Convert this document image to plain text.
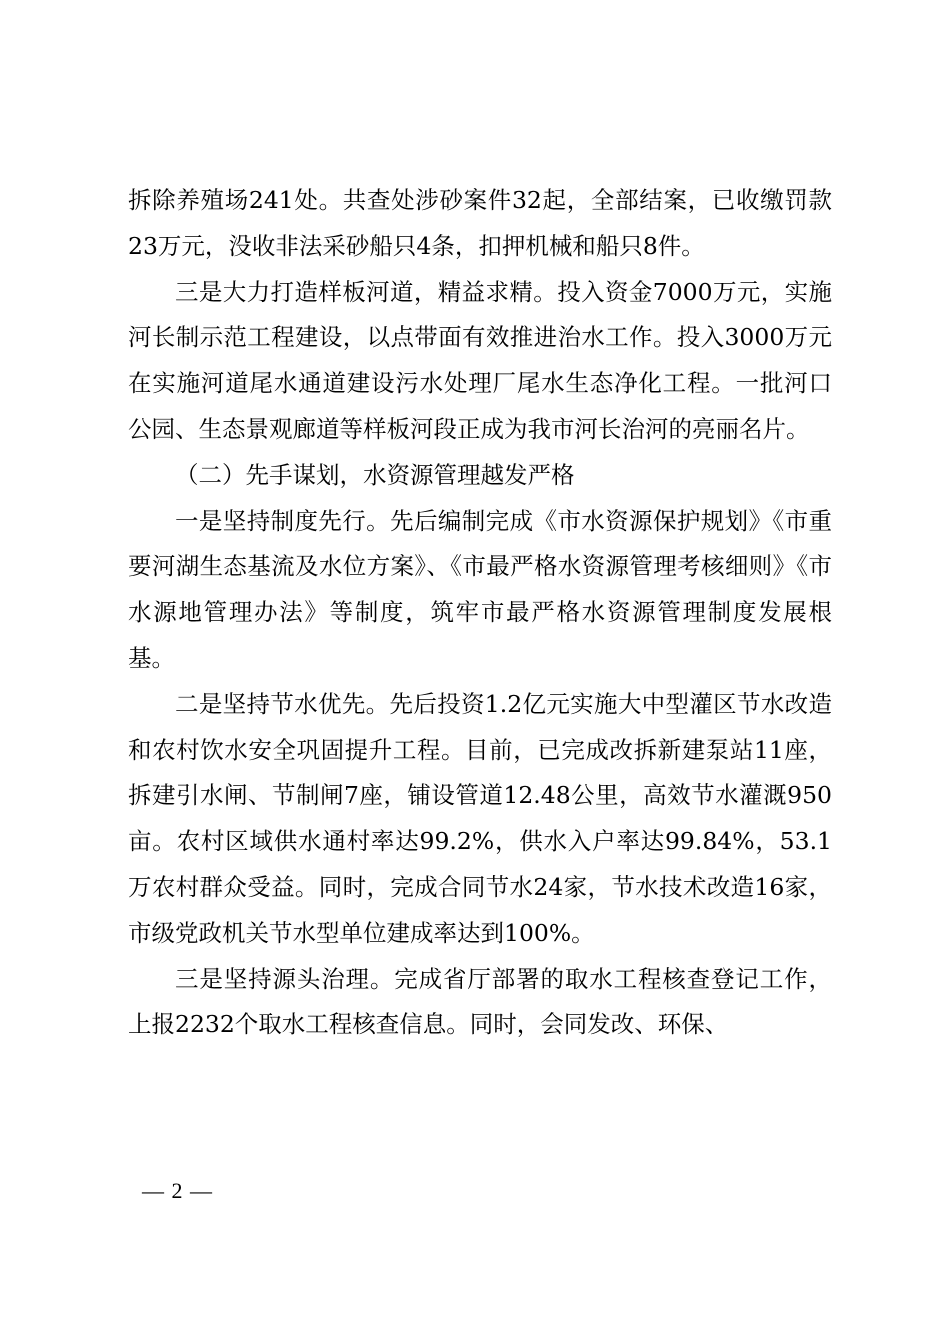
拆除养殖场241处。共查处涉砂案件32起，全部结案，已收缴罚款23万元，没收非法采砂船只4条，扣押机械和船只8件。

三是大力打造样板河道，精益求精。投入资金7000万元，实施河长制示范工程建设，以点带面有效推进治水工作。投入3000万元在实施河道尾水通道建设污水处理厂尾水生态净化工程。一批河口公园、生态景观廊道等样板河段正成为我市河长治河的亮丽名片。

（二）先手谋划，水资源管理越发严格

一是坚持制度先行。先后编制完成《市水资源保护规划》《市重要河湖生态基流及水位方案》、《市最严格水资源管理考核细则》《市水源地管理办法》等制度，筑牢市最严格水资源管理制度发展根基。

二是坚持节水优先。先后投资1.2亿元实施大中型灌区节水改造和农村饮水安全巩固提升工程。目前，已完成改拆新建泵站11座，拆建引水闸、节制闸7座，铺设管道12.48公里，高效节水灌溉950亩。农村区域供水通村率达99.2%，供水入户率达99.84%，53.1万农村群众受益。同时，完成合同节水24家，节水技术改造16家，市级党政机关节水型单位建成率达到100%。

三是坚持源头治理。完成省厅部署的取水工程核查登记工作，上报2232个取水工程核查信息。同时，会同发改、环保、

— 2 —
